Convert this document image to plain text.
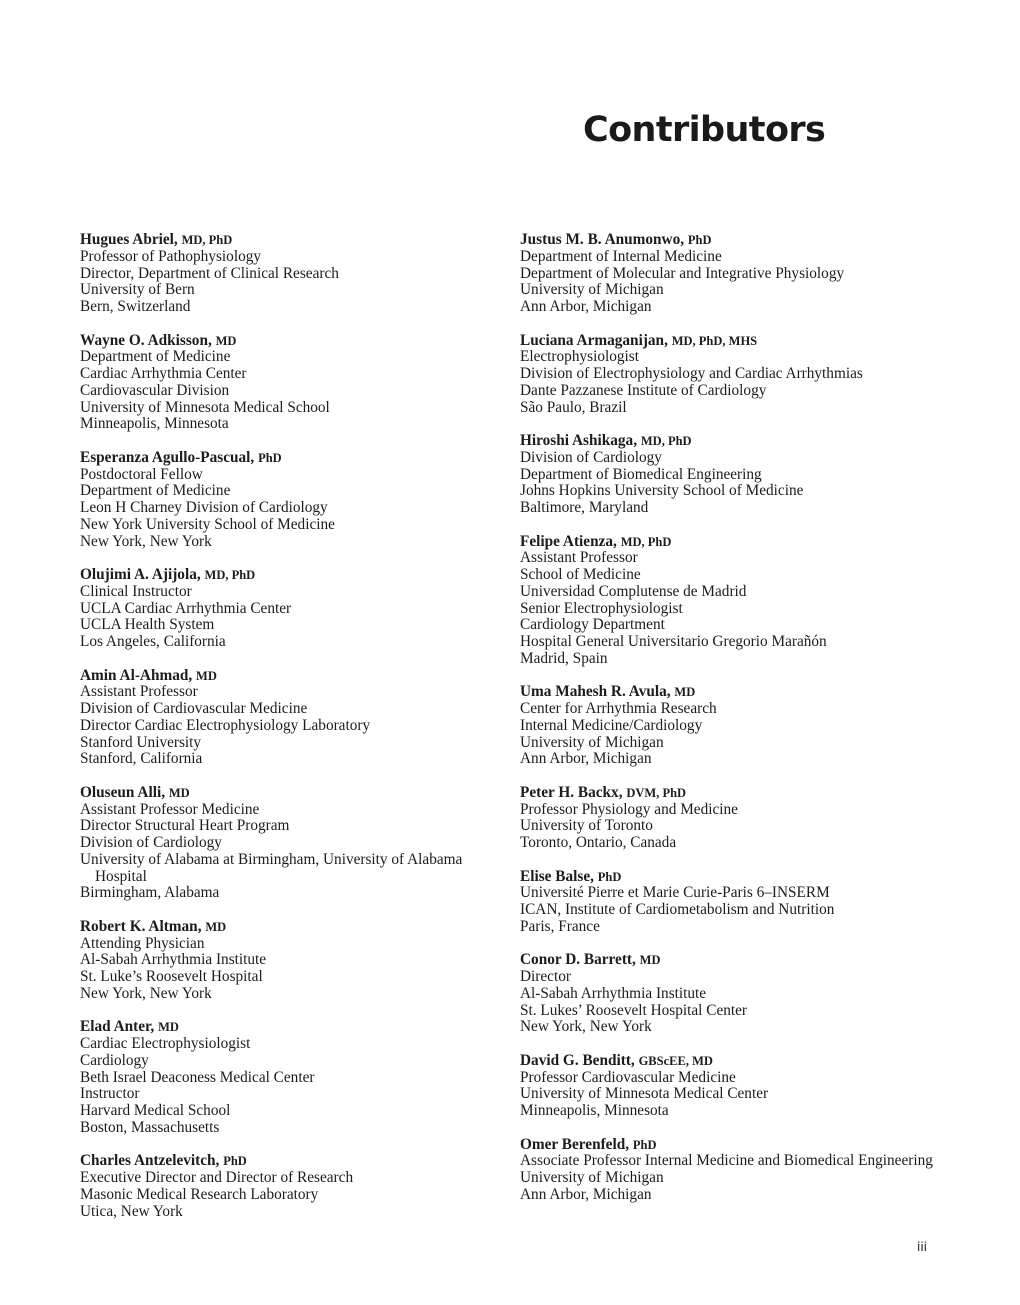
Contributors
Hugues Abriel, MD, PhD
Professor of Pathophysiology
Director, Department of Clinical Research
University of Bern
Bern, Switzerland
Wayne O. Adkisson, MD
Department of Medicine
Cardiac Arrhythmia Center
Cardiovascular Division
University of Minnesota Medical School
Minneapolis, Minnesota
Esperanza Agullo-Pascual, PhD
Postdoctoral Fellow
Department of Medicine
Leon H Charney Division of Cardiology
New York University School of Medicine
New York, New York
Olujimi A. Ajijola, MD, PhD
Clinical Instructor
UCLA Cardiac Arrhythmia Center
UCLA Health System
Los Angeles, California
Amin Al-Ahmad, MD
Assistant Professor
Division of Cardiovascular Medicine
Director Cardiac Electrophysiology Laboratory
Stanford University
Stanford, California
Oluseun Alli, MD
Assistant Professor Medicine
Director Structural Heart Program
Division of Cardiology
University of Alabama at Birmingham, University of Alabama Hospital
Birmingham, Alabama
Robert K. Altman, MD
Attending Physician
Al-Sabah Arrhythmia Institute
St. Luke’s Roosevelt Hospital
New York, New York
Elad Anter, MD
Cardiac Electrophysiologist
Cardiology
Beth Israel Deaconess Medical Center
Instructor
Harvard Medical School
Boston, Massachusetts
Charles Antzelevitch, PhD
Executive Director and Director of Research
Masonic Medical Research Laboratory
Utica, New York
Justus M. B. Anumonwo, PhD
Department of Internal Medicine
Department of Molecular and Integrative Physiology
University of Michigan
Ann Arbor, Michigan
Luciana Armaganijan, MD, PhD, MHS
Electrophysiologist
Division of Electrophysiology and Cardiac Arrhythmias
Dante Pazzanese Institute of Cardiology
São Paulo, Brazil
Hiroshi Ashikaga, MD, PhD
Division of Cardiology
Department of Biomedical Engineering
Johns Hopkins University School of Medicine
Baltimore, Maryland
Felipe Atienza, MD, PhD
Assistant Professor
School of Medicine
Universidad Complutense de Madrid
Senior Electrophysiologist
Cardiology Department
Hospital General Universitario Gregorio Marañón
Madrid, Spain
Uma Mahesh R. Avula, MD
Center for Arrhythmia Research
Internal Medicine/Cardiology
University of Michigan
Ann Arbor, Michigan
Peter H. Backx, DVM, PhD
Professor Physiology and Medicine
University of Toronto
Toronto, Ontario, Canada
Elise Balse, PhD
Université Pierre et Marie Curie-Paris 6–INSERM
ICAN, Institute of Cardiometabolism and Nutrition
Paris, France
Conor D. Barrett, MD
Director
Al-Sabah Arrhythmia Institute
St. Lukes’ Roosevelt Hospital Center
New York, New York
David G. Benditt, GBScEE, MD
Professor Cardiovascular Medicine
University of Minnesota Medical Center
Minneapolis, Minnesota
Omer Berenfeld, PhD
Associate Professor Internal Medicine and Biomedical Engineering
University of Michigan
Ann Arbor, Michigan
iii
